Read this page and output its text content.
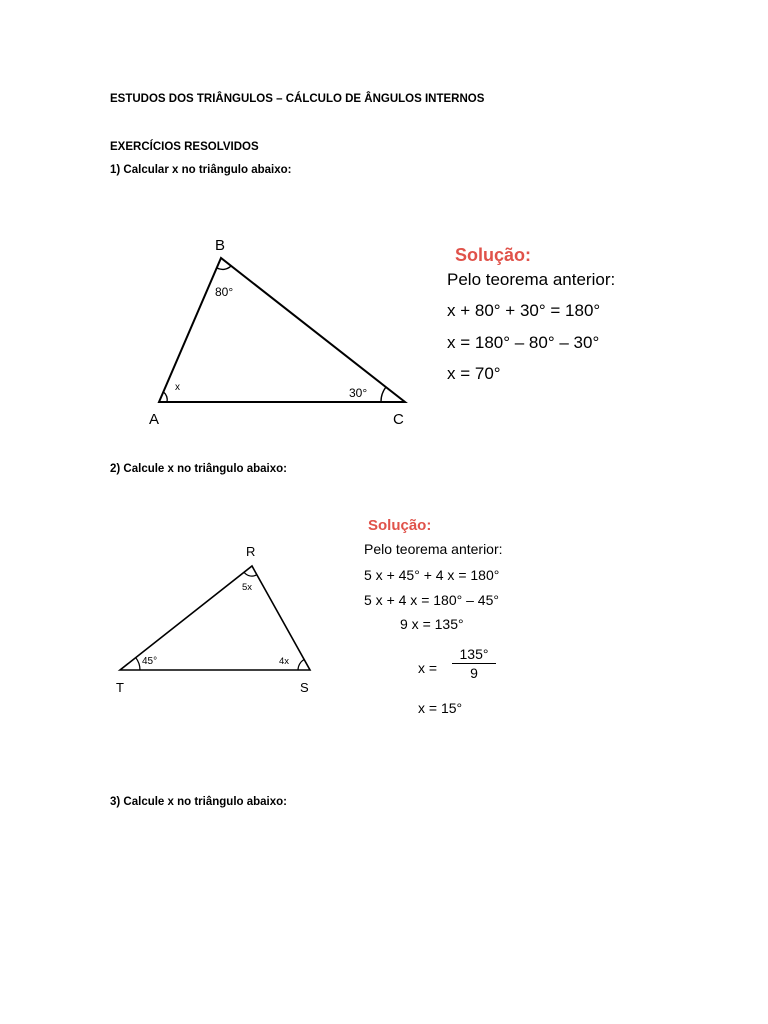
ESTUDOS DOS TRIÂNGULOS – CÁLCULO DE ÂNGULOS INTERNOS
EXERCÍCIOS RESOLVIDOS
1) Calcular x no triângulo abaixo:
A
B
C
x
80°
30°
Solução:
Pelo teorema anterior:
x + 80° + 30° = 180°
x = 180° – 80° – 30°
x = 70°
2) Calcule x no triângulo abaixo:
R
S
T
5x
4x
45°
Solução:
Pelo teorema anterior:
5 x + 45° + 4 x = 180°
5 x + 4 x = 180° – 45°
9 x = 135°
x =
135°
9
x = 15°
3) Calcule x no triângulo abaixo:
